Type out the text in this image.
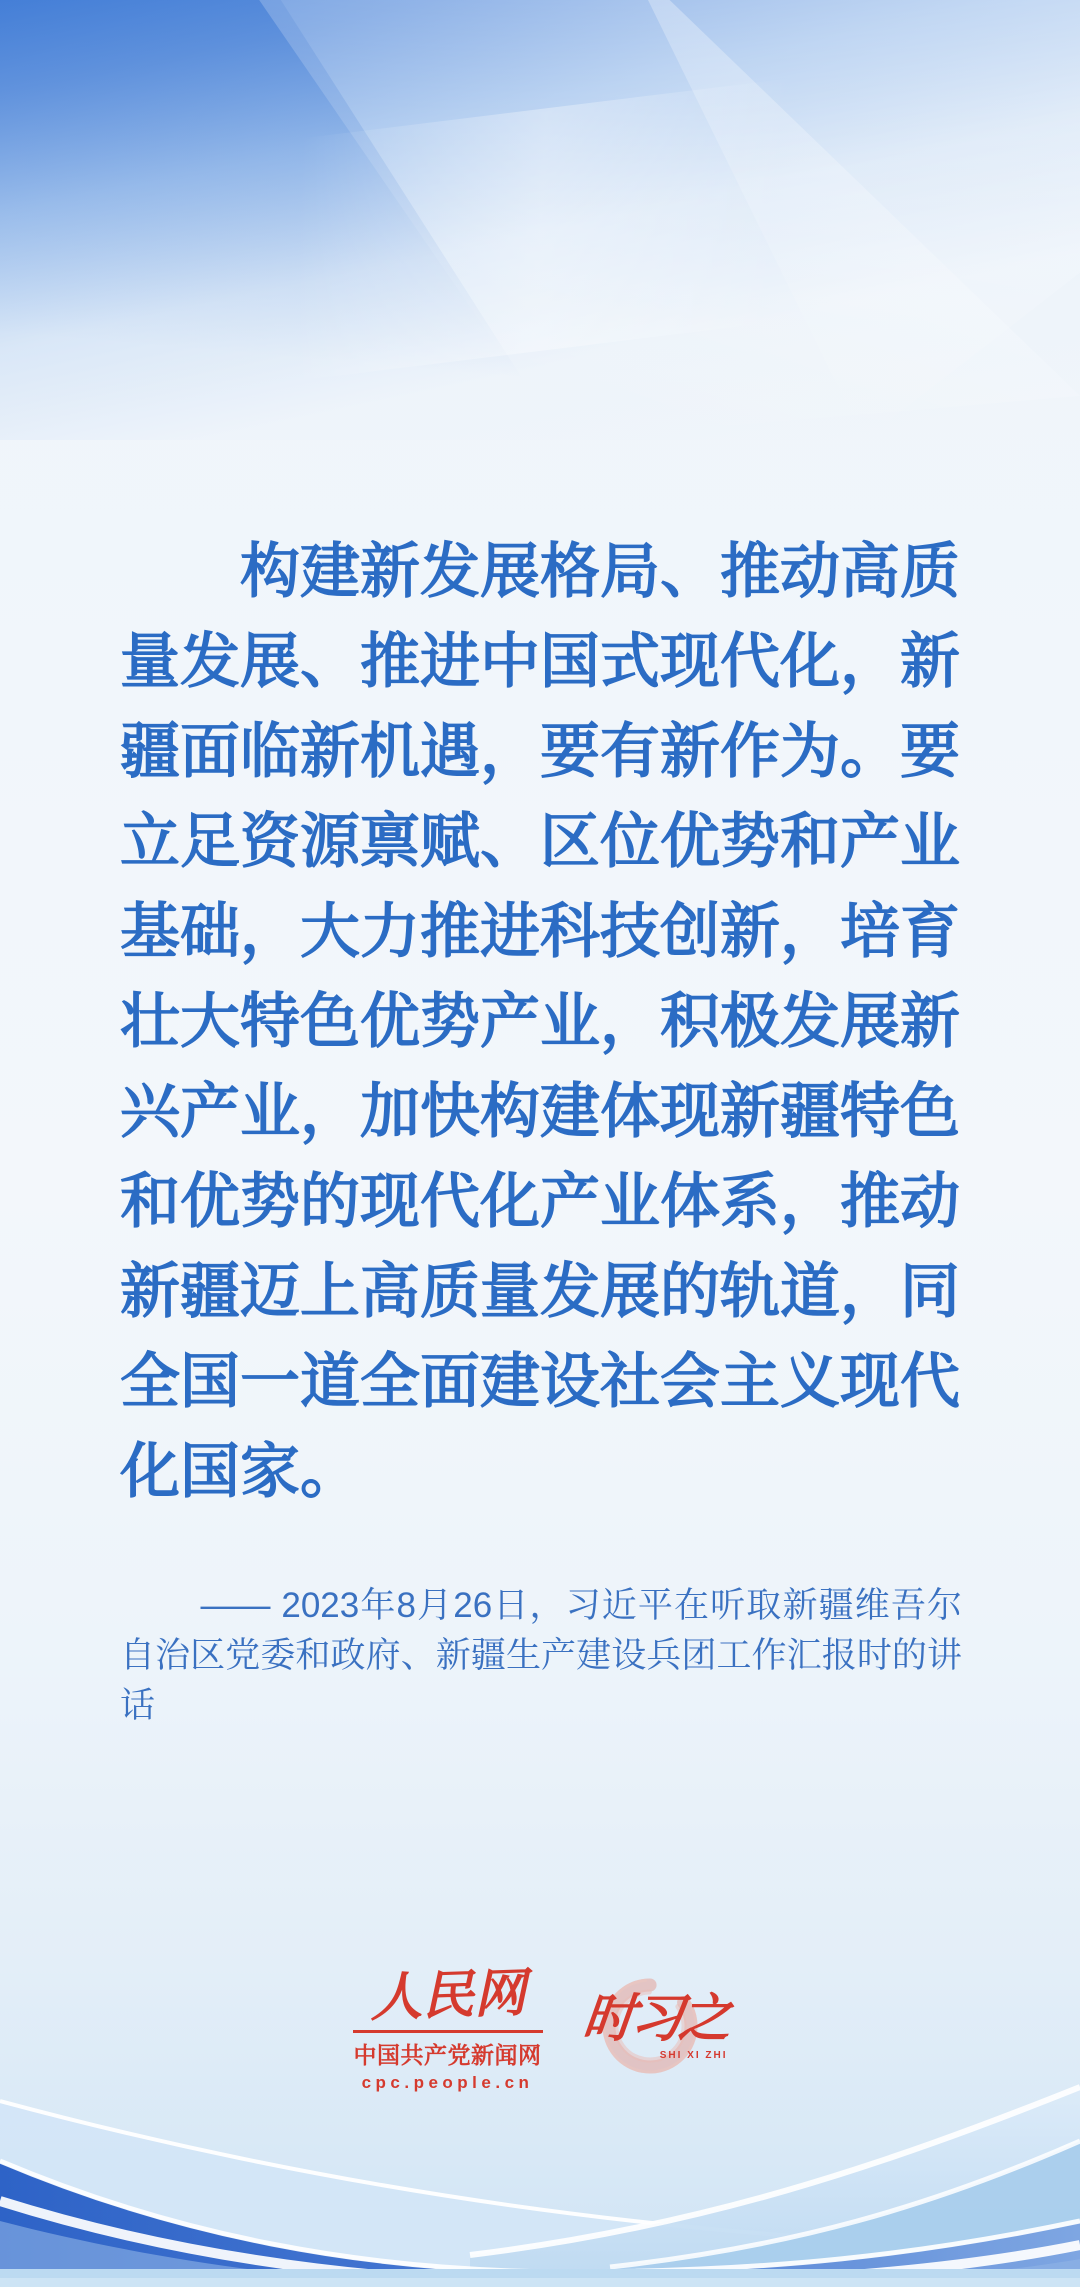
构建新发展格局、推动高质量发展、推进中国式现代化，新疆面临新机遇，要有新作为。要立足资源禀赋、区位优势和产业基础，大力推进科技创新，培育壮大特色优势产业，积极发展新兴产业，加快构建体现新疆特色和优势的现代化产业体系，推动新疆迈上高质量发展的轨道，同全国一道全面建设社会主义现代化国家。

—— 2023年8月26日，习近平在听取新疆维吾尔自治区党委和政府、新疆生产建设兵团工作汇报时的讲话

人民网
中国共产党新闻网
cpc.people.cn
时习之
SHI XI ZHI
